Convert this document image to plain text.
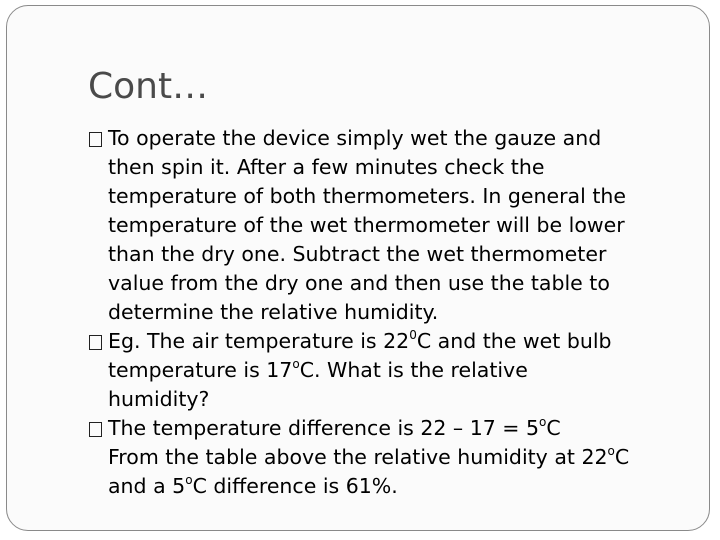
Cont…
To operate the device simply wet the gauze and
then spin it. After a few minutes check the
temperature of both thermometers. In general the
temperature of the wet thermometer will be lower
than the dry one. Subtract the wet thermometer
value from the dry one and then use the table to
determine the relative humidity.
Eg. The air temperature is $22^0C$ and the wet bulb
temperature is 17$^o$C. What is the relative
humidity?
The temperature difference is $22 - 17 = 5^oC$
From the table above the relative humidity at 22$^o$C
and a 5$^o$C difference is 61%.
